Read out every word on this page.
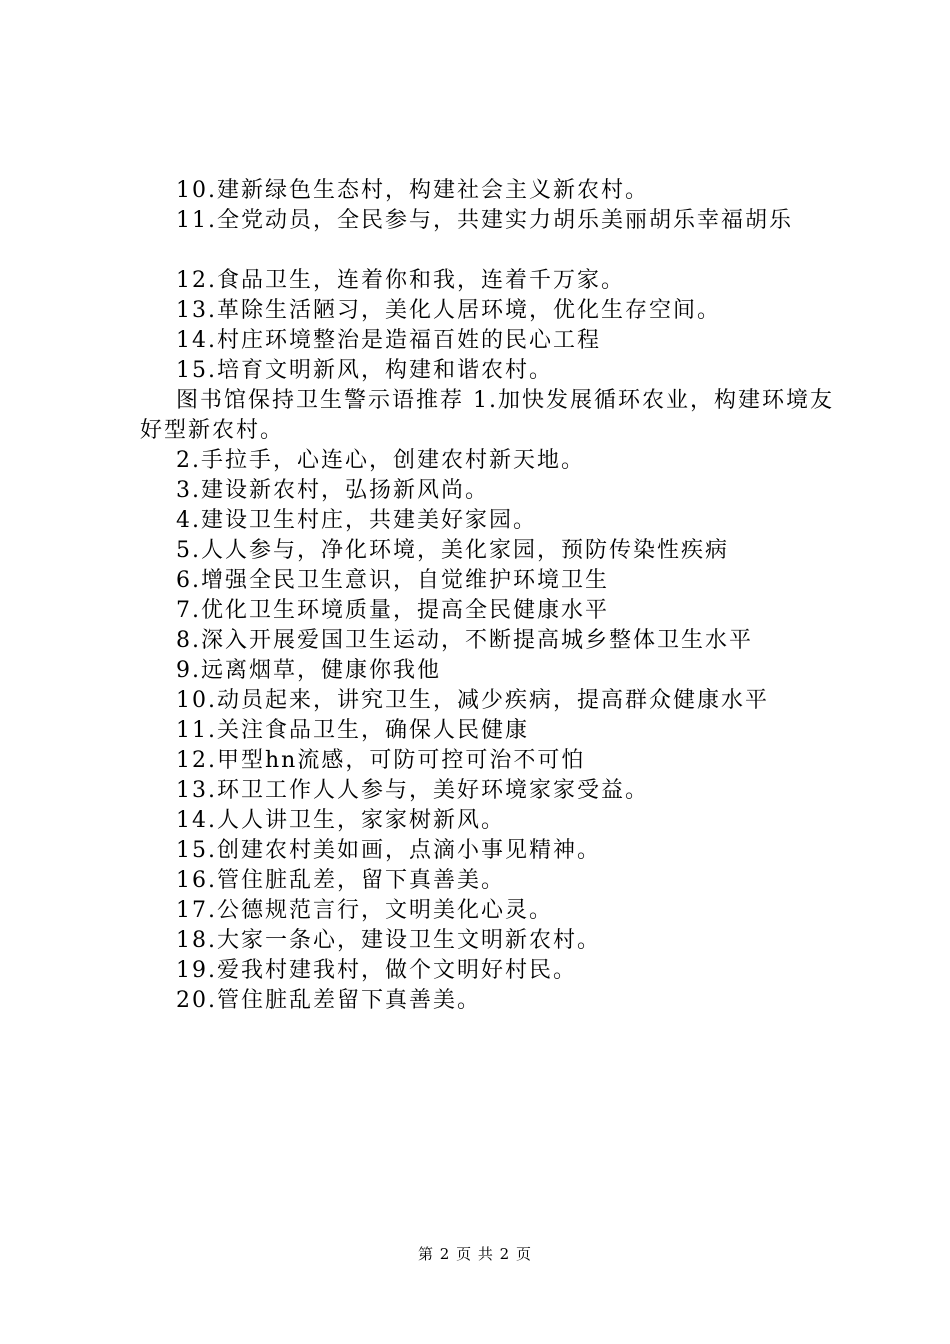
10.建新绿色生态村，构建社会主义新农村。
11.全党动员，全民参与，共建实力胡乐美丽胡乐幸福胡乐
12.食品卫生，连着你和我，连着千万家。
13.革除生活陋习，美化人居环境，优化生存空间。
14.村庄环境整治是造福百姓的民心工程
15.培育文明新风，构建和谐农村。
图书馆保持卫生警示语推荐 1.加快发展循环农业，构建环境友好型新农村。
2.手拉手，心连心，创建农村新天地。
3.建设新农村，弘扬新风尚。
4.建设卫生村庄，共建美好家园。
5.人人参与，净化环境，美化家园，预防传染性疾病
6.增强全民卫生意识，自觉维护环境卫生
7.优化卫生环境质量，提高全民健康水平
8.深入开展爱国卫生运动，不断提高城乡整体卫生水平
9.远离烟草，健康你我他
10.动员起来，讲究卫生，减少疾病，提高群众健康水平
11.关注食品卫生，确保人民健康
12.甲型hn流感，可防可控可治不可怕
13.环卫工作人人参与，美好环境家家受益。
14.人人讲卫生，家家树新风。
15.创建农村美如画，点滴小事见精神。
16.管住脏乱差，留下真善美。
17.公德规范言行，文明美化心灵。
18.大家一条心，建设卫生文明新农村。
19.爱我村建我村，做个文明好村民。
20.管住脏乱差留下真善美。
第 2 页 共 2 页
